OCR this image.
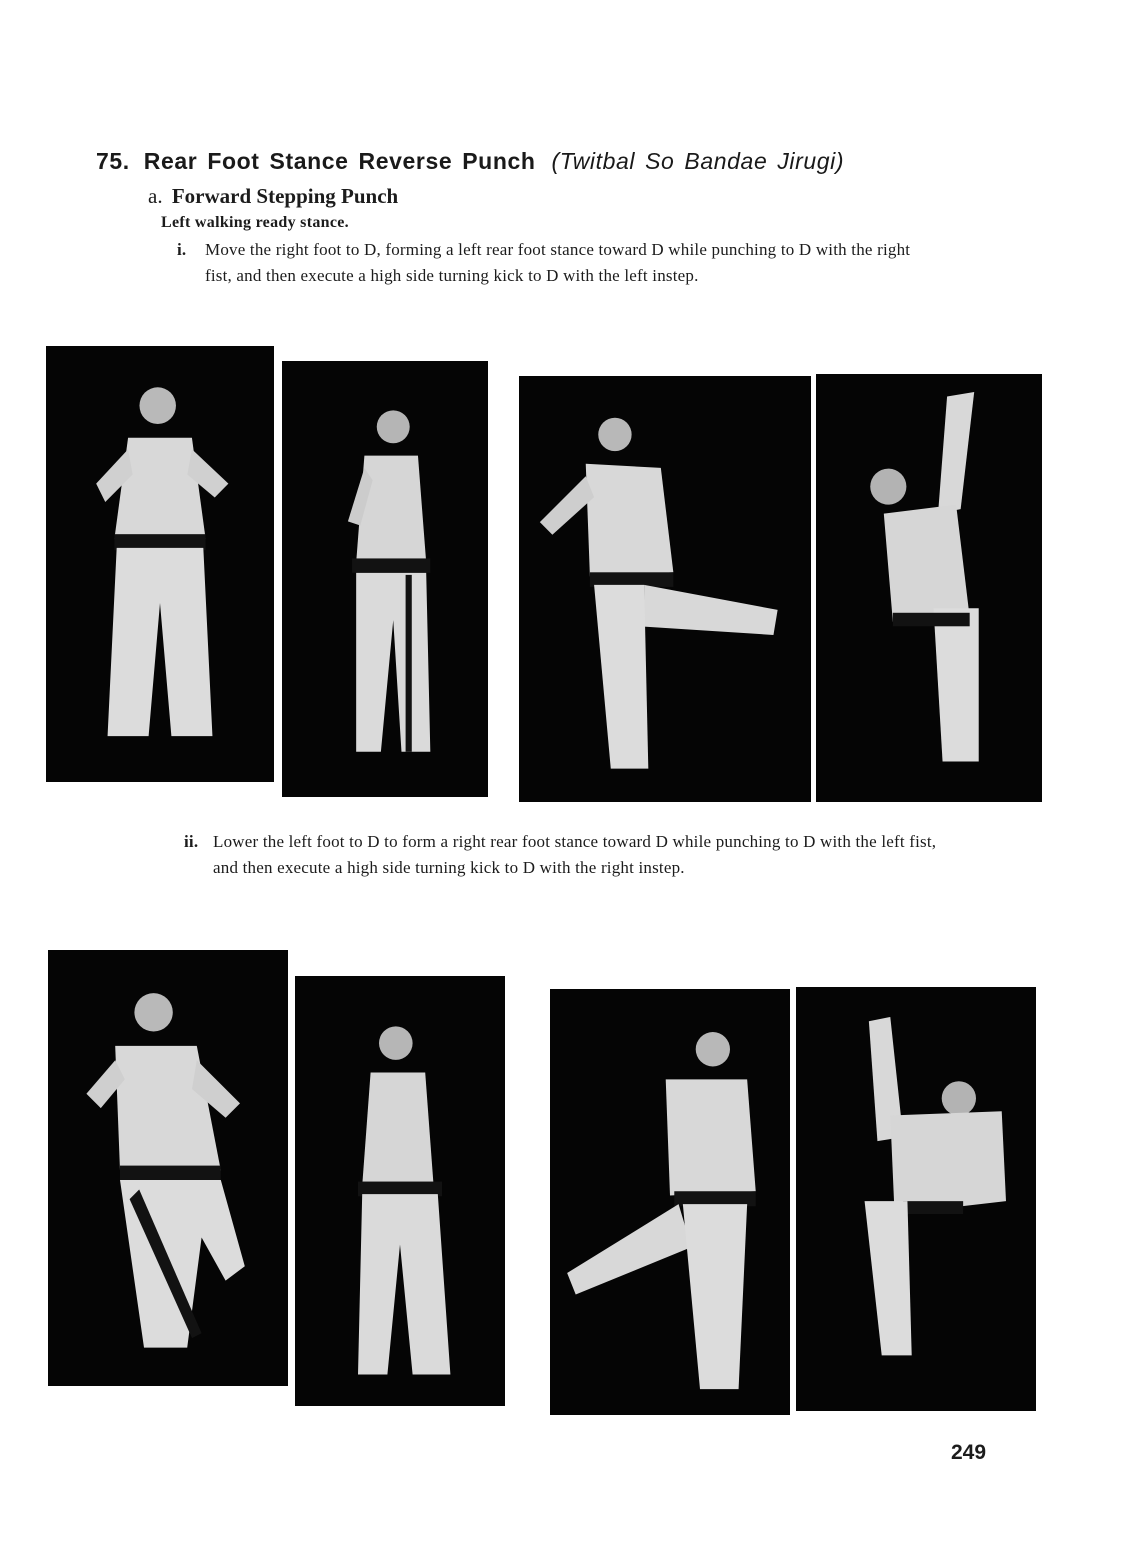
75. Rear Foot Stance Reverse Punch (Twitbal So Bandae Jirugi)
a. Forward Stepping Punch

Left walking ready stance.

i.	Move the right foot to D, forming a left rear foot stance toward D while punching to D with the right fist, and then execute a high side turning kick to D with the left instep.

ii. Lower the left foot to D to form a right rear foot stance toward D while punching to D with the left fist, and then execute a high side turning kick to D with the right instep.

249
